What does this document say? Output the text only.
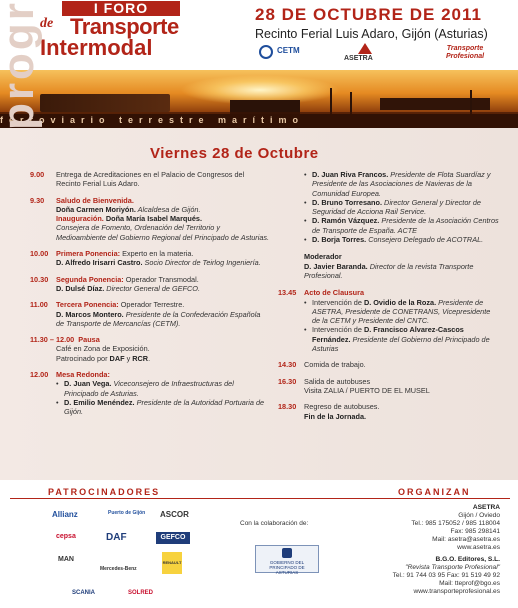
I FORO
de Transporte
Intermodal
28 DE OCTUBRE DE 2011
Recinto Ferial Luis Adaro, Gijón (Asturias)
CETM
ASETRA
Transporte Profesional
ferroviario terrestre marítimo
Viernes 28 de Octubre
9.00	Entrega de Acreditaciones en el Palacio de Congresos del Recinto Ferial Luis Adaro.
9.30	Saludo de Bienvenida.
Doña Carmen Moriyón. Alcaldesa de Gijón.
Inauguración. Doña María Isabel Marqués.
Consejera de Fomento, Ordenación del Territorio y Medioambiente del Gobierno Regional del Principado de Asturias.
10.00	Primera Ponencia: Experto en la materia.
D. Alfredo Irisarri Castro. Socio Director de Teirlog Ingeniería.
10.30	Segunda Ponencia: Operador Transmodal.
D. Dulsé Díaz. Director General de GEFCO.
11.00	Tercera Ponencia: Operador Terrestre.
D. Marcos Montero. Presidente de la Confederación Española de Transporte de Mercancías (CETM).
11.30 – 12.00 Pausa
Café en Zona de Exposición.
Patrocinado por DAF y RCR.
12.00	Mesa Redonda:
• D. Juan Vega. Viceconsejero de Infraestructuras del Principado de Asturias.
• D. Emilio Menéndez. Presidente de la Autoridad Portuaria de Gijón.
• D. Juan Riva Francos. Presidente de Flota Suardíaz y Presidente de las Asociaciones de Navieras de la Comunidad Europea.
• D. Bruno Torresano. Director General y Director de Seguridad de Acciona Rail Service.
• D. Ramón Vázquez. Presidente de la Asociación Centros de Transporte de España. ACTE
• D. Borja Torres. Consejero Delegado de ACOTRAL.
Moderador
D. Javier Baranda. Director de la revista Transporte Profesional.
13.45	Acto de Clausura
• Intervención de D. Ovidio de la Roza. Presidente de ASETRA, Presidente de CONETRANS, Vicepresidente de la CETM y Presidente del CNTC.
• Intervención de D. Francisco Alvarez-Cascos Fernández. Presidente del Gobierno del Principado de Asturias
14.30	Comida de trabajo.
16.30	Salida de autobuses
Visita ZALIA / PUERTO DE EL MUSEL
18.30	Regreso de autobuses.
Fin de la Jornada.
PATROCINADORES	ORGANIZAN
Allianz	Puerto de Gijón ASCOR
cepsa	DAF	GEFCO
MAN
Mercedes-Benz
RENAULT
SCANIA	SOLRED
Con la colaboración de:
GOBIERNO DEL PRINCIPADO DE ASTURIAS
ASETRA
Gijón / Oviedo
Tel.: 985 175052 / 985 118004
Fax: 985 298141
Mail: asetra@asetra.es
www.asetra.es
B.G.O. Editores, S.L.
"Revista Transporte Profesional"
Tel.: 91 744 03 95 Fax: 91 519 49 92
Mail: tteprof@bgo.es
www.transporteprofesional.es
